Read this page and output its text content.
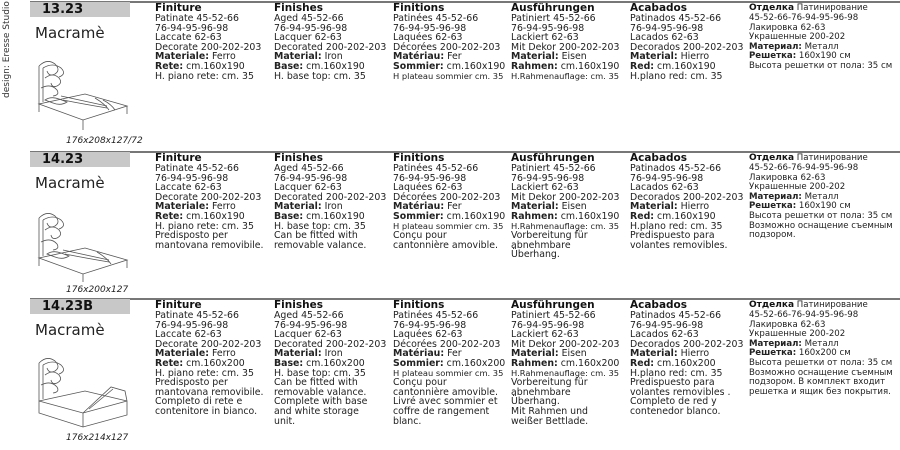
design: Eresse Studio	13.23
Macramè
176x208x127/72
Finiture
Patinate 45-52-66
76-94-95-96-98
Laccate 62-63
Decorate 200-202-203
Materiale: Ferro
Rete: cm.160x190
H. piano rete: cm. 35
Finishes
Aged 45-52-66
76-94-95-96-98
Lacquer 62-63
Decorated 200-202-203
Material: Iron
Base: cm.160x190
H. base top: cm. 35
Finitions
Patinées 45-52-66
76-94-95-96-98
Laquées 62-63
Décorées 200-202-203
Matériau: Fer
Sommier: cm.160x190
H plateau sommier cm. 35
Ausführungen
Patiniert 45-52-66
76-94-95-96-98
Lackiert 62-63
Mit Dekor 200-202-203
Material: Eisen
Rahmen: cm.160x190
H.Rahmenauflage: cm. 35
Acabados
Patinados 45-52-66
76-94-95-96-98
Lacados 62-63
Decorados 200-202-203
Material: Hierro
Red: cm.160x190
H.plano red: cm. 35
Отделка Патинирование
45-52-66-76-94-95-96-98
Лакировка 62-63
Украшенные 200-202
Материал: Металл
Решетка: 160x190 см
Высота решетки от пола: 35 см
14.23
Macramè
176x200x127
Finiture
Patinate 45-52-66
76-94-95-96-98
Laccate 62-63
Decorate 200-202-203
Materiale: Ferro
Rete: cm.160x190
H. piano rete: cm. 35
Predisposto per
mantovana removibile.
Finishes
Aged 45-52-66
76-94-95-96-98
Lacquer 62-63
Decorated 200-202-203
Material: Iron
Base: cm.160x190
H. base top: cm. 35
Can be fitted with
removable valance.
Finitions
Patinées 45-52-66
76-94-95-96-98
Laquées 62-63
Décorées 200-202-203
Matériau: Fer
Sommier: cm.160x190
H plateau sommier cm. 35
Conçu pour
cantonnière amovible.
Ausführungen
Patiniert 45-52-66
76-94-95-96-98
Lackiert 62-63
Mit Dekor 200-202-203
Material: Eisen
Rahmen: cm.160x190
H.Rahmenauflage: cm. 35
Vorbereitung für
abnehmbare
Überhang.
Acabados
Patinados 45-52-66
76-94-95-96-98
Lacados 62-63
Decorados 200-202-203
Material: Hierro
Red: cm.160x190
H.plano red: cm. 35
Predispuesto para
volantes removibles.
Отделка Патинирование
45-52-66-76-94-95-96-98
Лакировка 62-63
Украшенные 200-202
Материал: Металл
Решетка: 160x190 см
Высота решетки от пола: 35 см Возможно оснащение съемным подзором.
14.23B
Macramè
176x214x127
Finiture
Patinate 45-52-66
76-94-95-96-98
Laccate 62-63
Decorate 200-202-203
Materiale: Ferro
Rete: cm.160x200
H. piano rete: cm. 35
Predisposto per
mantovana removibile.
Completo di rete e
contenitore in bianco.
Finishes
Aged 45-52-66
76-94-95-96-98
Lacquer 62-63
Decorated 200-202-203
Material: Iron
Base: cm.160x200
H. base top: cm. 35
Can be fitted with
removable valance.
Complete with base
and white storage
unit.
Finitions
Patinées 45-52-66
76-94-95-96-98
Laquées 62-63
Décorées 200-202-203
Matériau: Fer
Sommier: cm.160x200
H plateau sommier cm. 35
Conçu pour
cantonnière amovible.
Livré avec sommier et
coffre de rangement
blanc.
Ausführungen
Patiniert 45-52-66
76-94-95-96-98
Lackiert 62-63
Mit Dekor 200-202-203
Material: Eisen
Rahmen: cm.160x200
H.Rahmenauflage: cm. 35
Vorbereitung für
abnehmbare
Überhang.
Mit Rahmen und
weißer Bettlade.
Acabados
Patinados 45-52-66
76-94-95-96-98
Lacados 62-63
Decorados 200-202-203
Material: Hierro
Red: cm.160x200
H.plano red: cm. 35
Predispuesto para
volantes removibles .
Completo de red y
contenedor blanco.
Отделка Патинирование
45-52-66-76-94-95-96-98
Лакировка 62-63
Украшенные 200-202
Материал: Металл
Решетка: 160x200 см
Высота решетки от пола: 35 см Возможно оснащение съемным подзором. В комплект входит решетка и ящик без покрытия.
